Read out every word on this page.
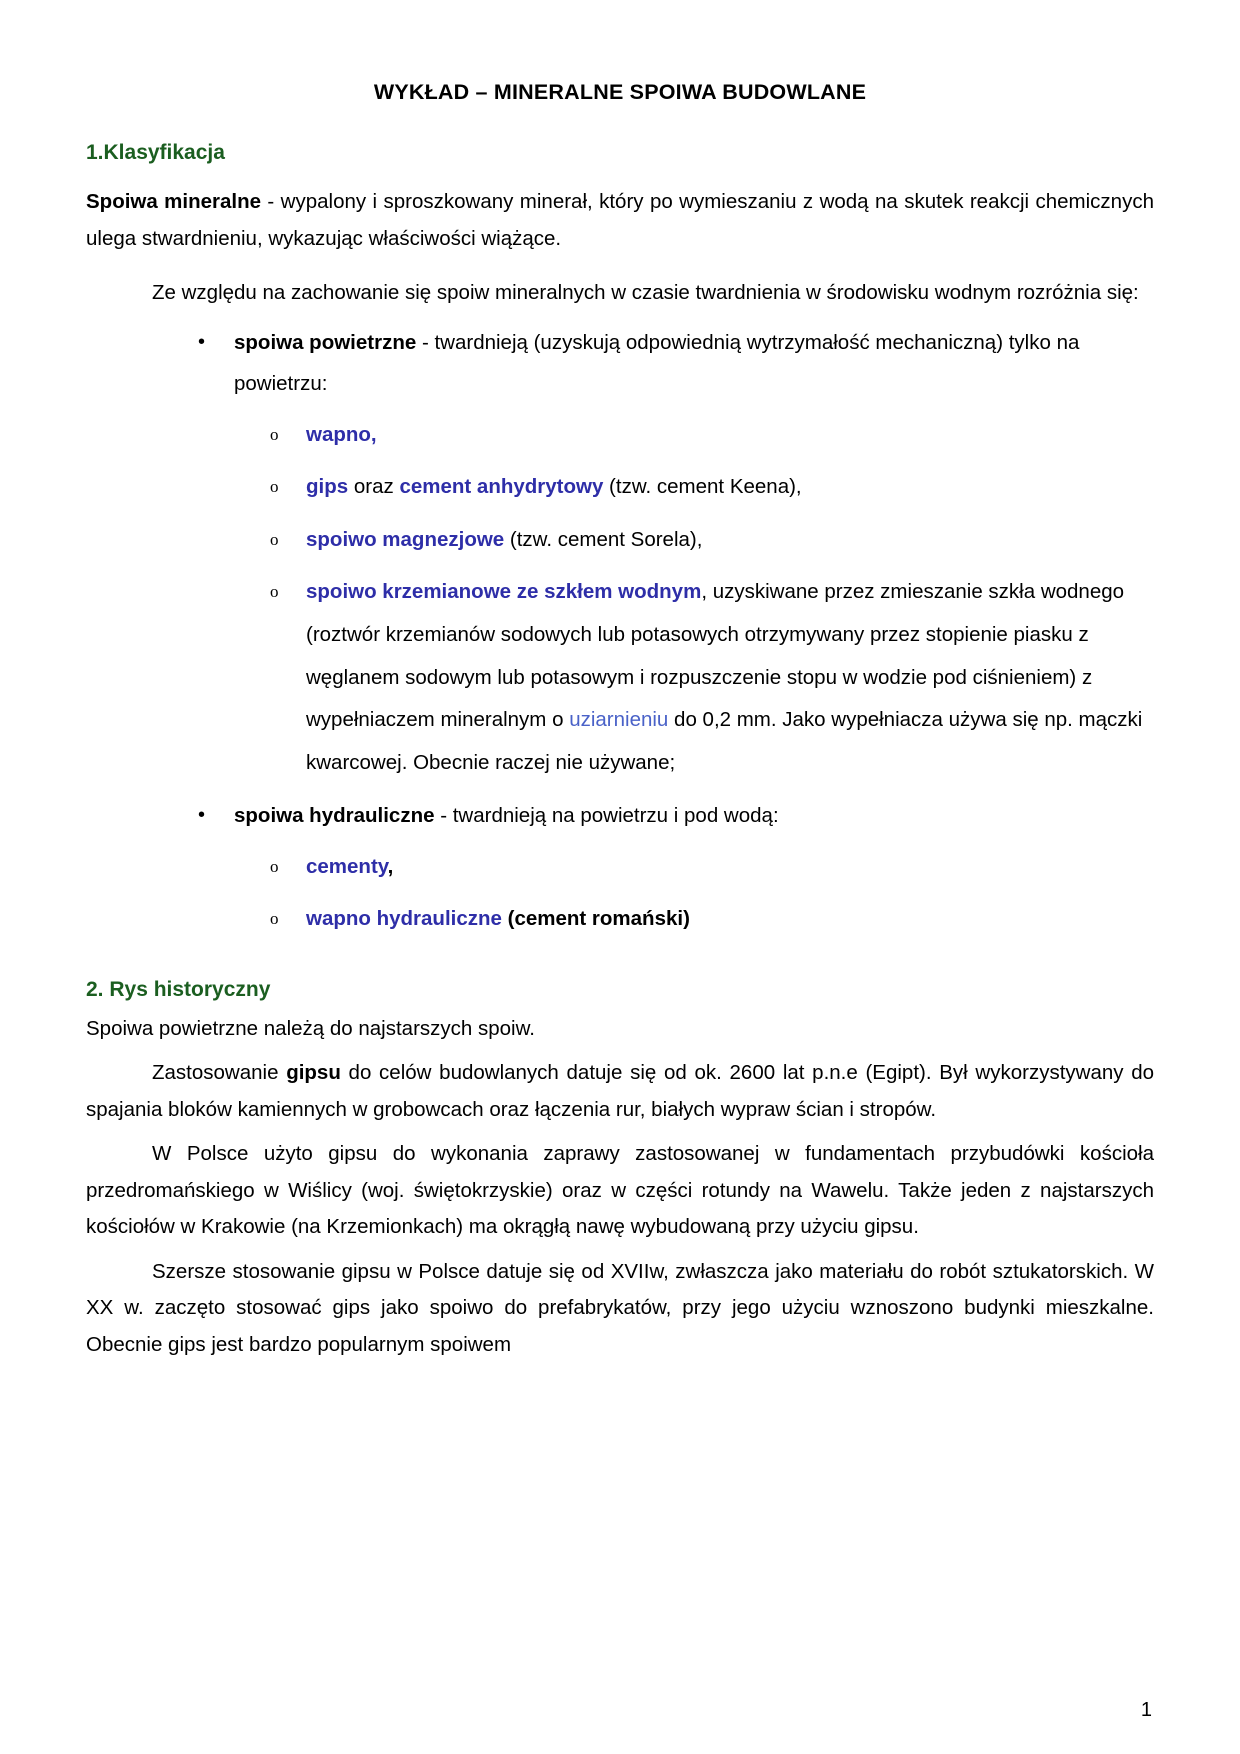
WYKŁAD – MINERALNE SPOIWA BUDOWLANE
1.Klasyfikacja

Spoiwa mineralne - wypalony i sproszkowany minerał, który po wymieszaniu z wodą na skutek reakcji chemicznych ulega stwardnieniu, wykazując właściwości wiążące.

Ze względu na zachowanie się spoiw mineralnych w czasie twardnienia w środowisku wodnym rozróżnia się:

• spoiwa powietrzne - twardnieją (uzyskują odpowiednią wytrzymałość mechaniczną) tylko na powietrzu:
o wapno,
o gips oraz cement anhydrytowy (tzw. cement Keena),
o spoiwo magnezjowe (tzw. cement Sorela),
o spoiwo krzemianowe ze szkłem wodnym, uzyskiwane przez zmieszanie szkła wodnego (roztwór krzemianów sodowych lub potasowych otrzymywany przez stopienie piasku z węglanem sodowym lub potasowym i rozpuszczenie stopu w wodzie pod ciśnieniem) z wypełniaczem mineralnym o uziarnieniu do 0,2 mm. Jako wypełniacza używa się np. mączki kwarcowej. Obecnie raczej nie używane;
• spoiwa hydrauliczne - twardnieją na powietrzu i pod wodą:
o cementy,
o wapno hydrauliczne (cement romański)
2. Rys historyczny

Spoiwa powietrzne należą do najstarszych spoiw.

Zastosowanie gipsu do celów budowlanych datuje się od ok. 2600 lat p.n.e (Egipt). Był wykorzystywany do spajania bloków kamiennych w grobowcach oraz łączenia rur, białych wypraw ścian i stropów.

W Polsce użyto gipsu do wykonania zaprawy zastosowanej w fundamentach przybudówki kościoła przedromańskiego w Wiślicy (woj. świętokrzyskie) oraz w części rotundy na Wawelu. Także jeden z najstarszych kościołów w Krakowie (na Krzemionkach) ma okrągłą nawę wybudowaną przy użyciu gipsu.

Szersze stosowanie gipsu w Polsce datuje się od XVIIw, zwłaszcza jako materiału do robót sztukatorskich. W XX w. zaczęto stosować gips jako spoiwo do prefabrykatów, przy jego użyciu wznoszono budynki mieszkalne. Obecnie gips jest bardzo popularnym spoiwem

1
